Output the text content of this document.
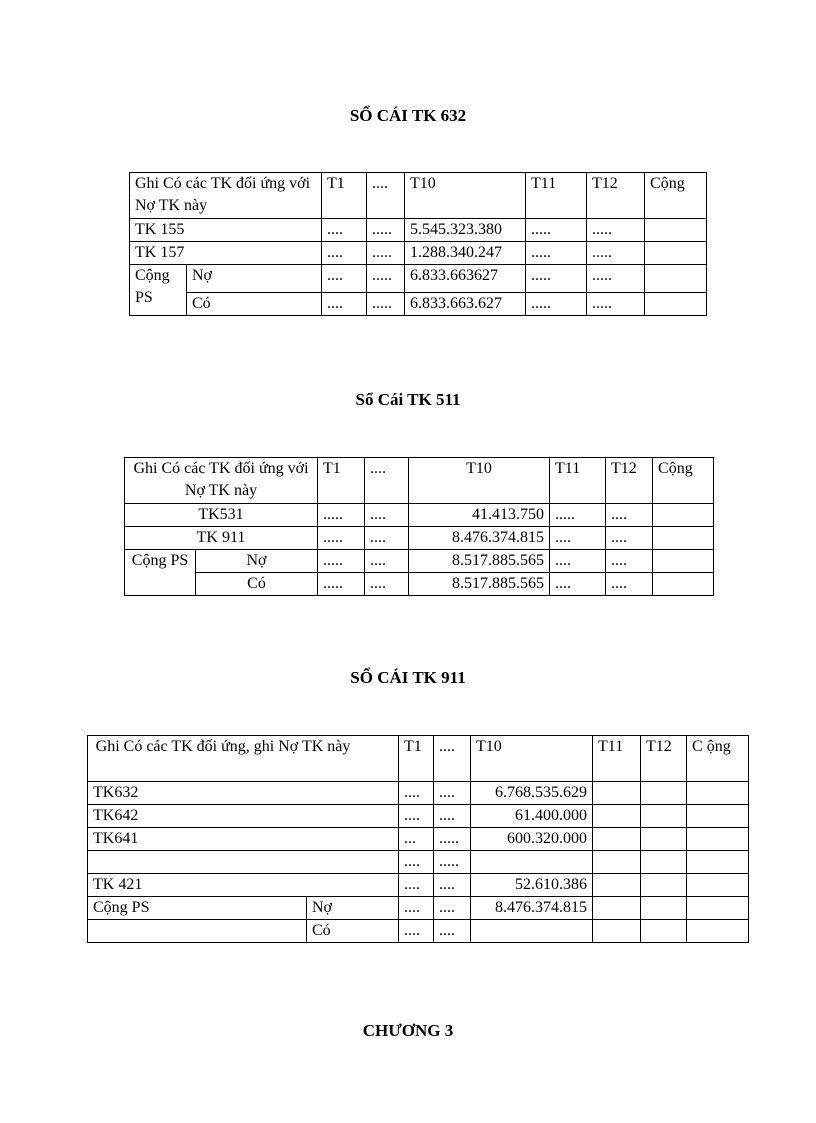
SỔ CÁI TK 632
Ghi Có các TK đối ứng với Nợ TK này		T1	....	T10	T11	T12	Cộng
TK 155		....	.....	5.545.323.380	.....	.....	
TK 157		....	.....	1.288.340.247	.....	.....	
Cộng PS	Nợ	....	.....	6.833.663627	.....	.....	
	Có	....	.....	6.833.663.627	.....	.....	
Sổ Cái TK 511
Ghi Có các TK đối ứng với Nợ TK này		T1	....	T10	T11	T12	Cộng
TK531		.....	....	41.413.750	.....	....	
TK 911		.....	....	8.476.374.815	....	....	
Cộng PS	Nợ	.....	....	8.517.885.565	....	....	
	Có	.....	....	8.517.885.565	....	....	
SỔ CÁI TK 911
Ghi Có các TK đối ứng, ghi Nợ TK này		T1	....	T10	T11	T12	C ộng
TK632		....	....	6.768.535.629			
TK642		....	....	61.400.000			
TK641		...	.....	600.320.000			
		....	.....				
TK 421		....	....	52.610.386			
Cộng PS	Nợ	....	....	8.476.374.815			
	Có	....	....				
CHƯƠNG 3
